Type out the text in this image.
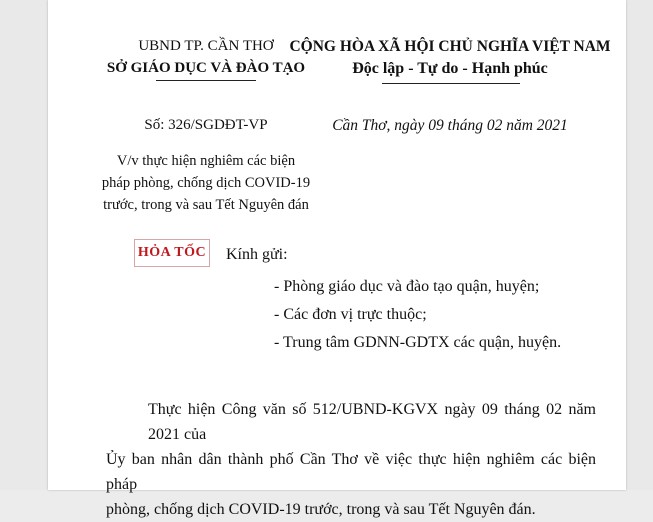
UBND TP. CẦN THƠ
SỞ GIÁO DỤC VÀ ĐÀO TẠO
Số: 326/SGDĐT-VP
V/v thực hiện nghiêm các biện
pháp phòng, chống dịch COVID-19
trước, trong và sau Tết Nguyên đán
CỘNG HÒA XÃ HỘI CHỦ NGHĨA VIỆT NAM
Độc lập - Tự do - Hạnh phúc
Cần Thơ, ngày 09 tháng 02 năm 2021
HỎA TỐC Kính gửi:
- Phòng giáo dục và đào tạo quận, huyện;
- Các đơn vị trực thuộc;
- Trung tâm GDNN-GDTX các quận, huyện.
Thực hiện Công văn số 512/UBND-KGVX ngày 09 tháng 02 năm 2021 của
Ủy ban nhân dân thành phố Cần Thơ về việc thực hiện nghiêm các biện pháp
phòng, chống dịch COVID-19 trước, trong và sau Tết Nguyên đán.
